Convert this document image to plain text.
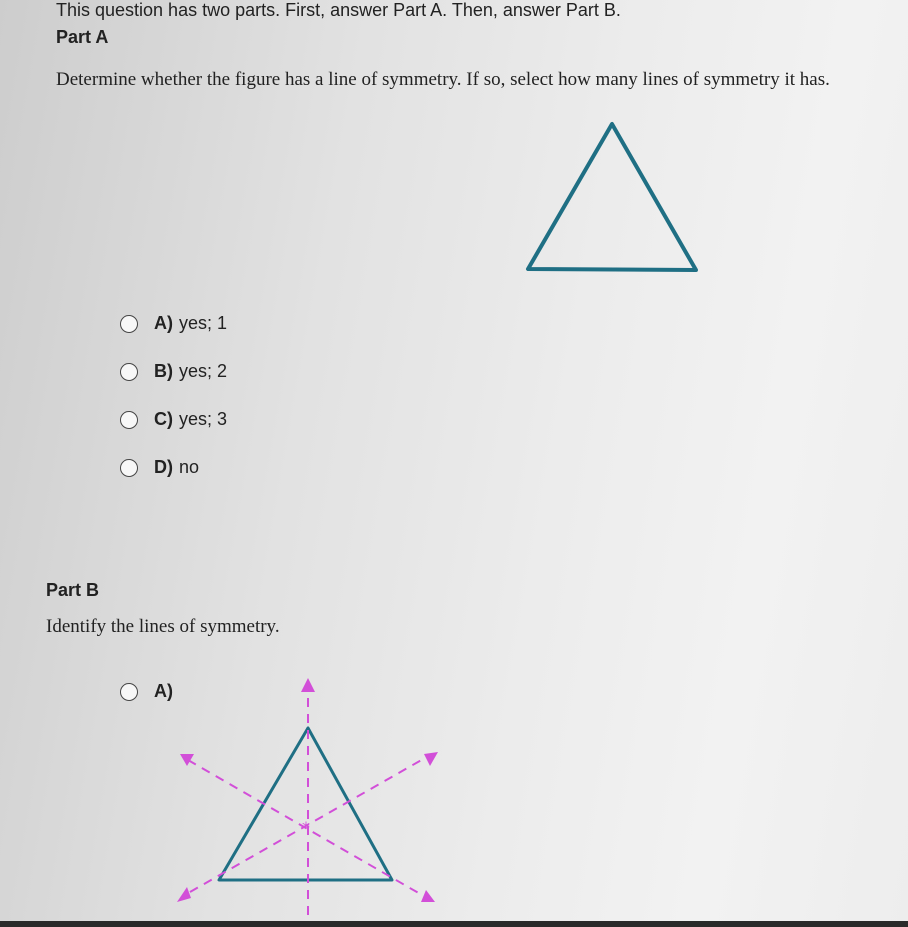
This question has two parts. First, answer Part A. Then, answer Part B.
Part A
Determine whether the figure has a line of symmetry. If so, select how many lines of symmetry it has.
A) yes; 1
B) yes; 2
C) yes; 3
D) no
Part B
Identify the lines of symmetry.
A)
*
